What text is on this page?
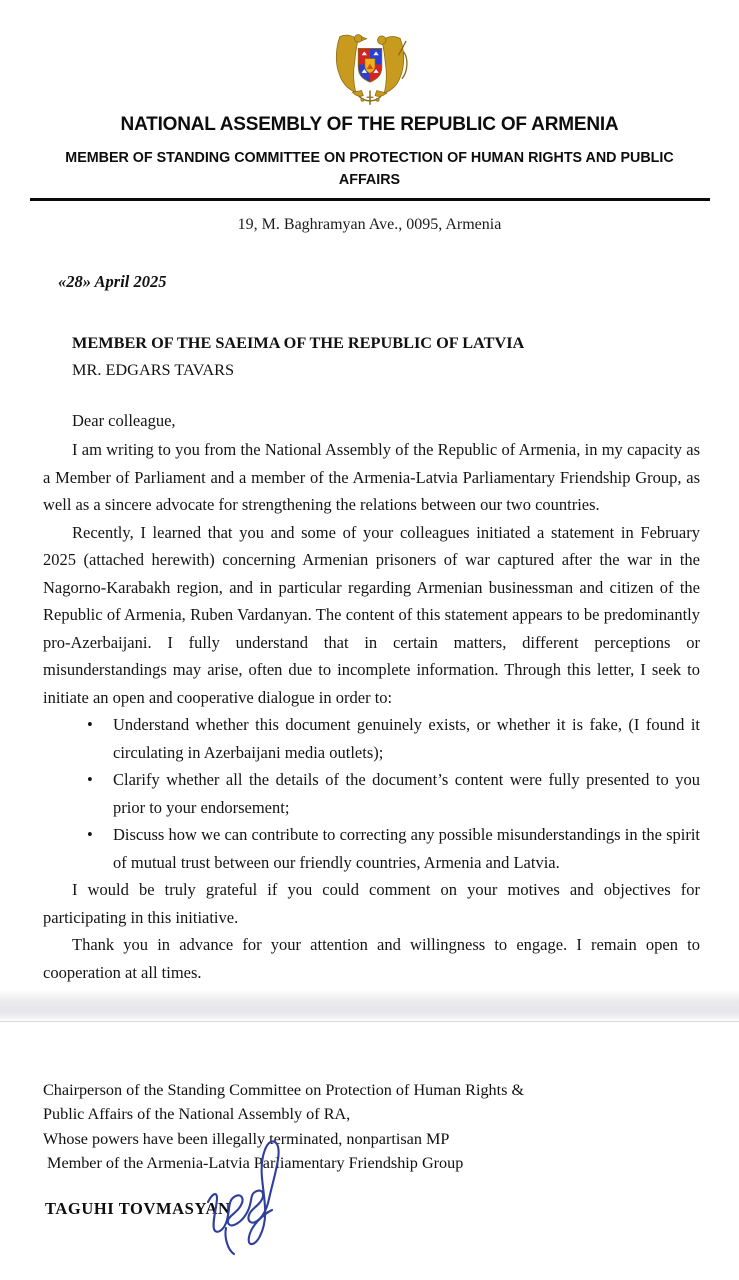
NATIONAL ASSEMBLY OF THE REPUBLIC OF ARMENIA
MEMBER OF STANDING COMMITTEE ON PROTECTION OF HUMAN RIGHTS AND PUBLIC AFFAIRS
19, M. Baghramyan Ave., 0095, Armenia
«28» April 2025
MEMBER OF THE SAEIMA OF THE REPUBLIC OF LATVIA
MR. EDGARS TAVARS
Dear colleague,

I am writing to you from the National Assembly of the Republic of Armenia, in my capacity as a Member of Parliament and a member of the Armenia-Latvia Parliamentary Friendship Group, as well as a sincere advocate for strengthening the relations between our two countries.

Recently, I learned that you and some of your colleagues initiated a statement in February 2025 (attached herewith) concerning Armenian prisoners of war captured after the war in the Nagorno-Karabakh region, and in particular regarding Armenian businessman and citizen of the Republic of Armenia, Ruben Vardanyan. The content of this statement appears to be predominantly pro-Azerbaijani. I fully understand that in certain matters, different perceptions or misunderstandings may arise, often due to incomplete information. Through this letter, I seek to initiate an open and cooperative dialogue in order to:

• Understand whether this document genuinely exists, or whether it is fake, (I found it circulating in Azerbaijani media outlets);
• Clarify whether all the details of the document’s content were fully presented to you prior to your endorsement;
• Discuss how we can contribute to correcting any possible misunderstandings in the spirit of mutual trust between our friendly countries, Armenia and Latvia.

I would be truly grateful if you could comment on your motives and objectives for participating in this initiative.

Thank you in advance for your attention and willingness to engage. I remain open to cooperation at all times.

Chairperson of the Standing Committee on Protection of Human Rights &
Public Affairs of the National Assembly of RA,
Whose powers have been illegally terminated, nonpartisan MP
Member of the Armenia-Latvia Parliamentary Friendship Group
TAGUHI TOVMASYAN
